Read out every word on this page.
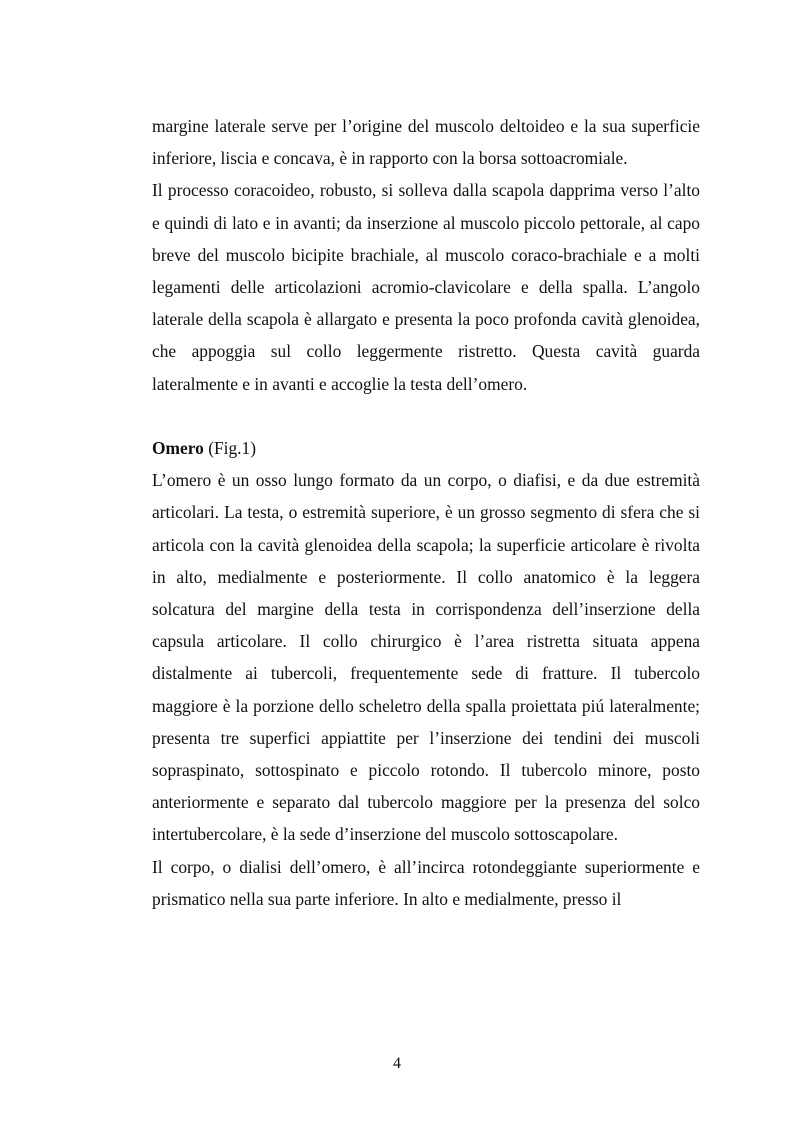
margine laterale serve per l’origine del muscolo deltoideo e la sua superficie inferiore, liscia e concava, è in rapporto con la borsa sottoacromiale.

Il processo coracoideo, robusto, si solleva dalla scapola dapprima verso l’alto e quindi di lato e in avanti; da inserzione al muscolo piccolo pettorale, al capo breve del muscolo bicipite brachiale, al muscolo coraco-brachiale e a molti legamenti delle articolazioni acromio-clavicolare e della spalla. L’angolo laterale della scapola è allargato e presenta la poco profonda cavità glenoidea, che appoggia sul collo leggermente ristretto. Questa cavità guarda lateralmente e in avanti e accoglie la testa dell’omero.

Omero (Fig.1)

L’omero è un osso lungo formato da un corpo, o diafisi, e da due estremità articolari. La testa, o estremità superiore, è un grosso segmento di sfera che si articola con la cavità glenoidea della scapola; la superficie articolare è rivolta in alto, medialmente e posteriormente. Il collo anatomico è la leggera solcatura del margine della testa in corrispondenza dell’inserzione della capsula articolare. Il collo chirurgico è l’area ristretta situata appena distalmente ai tubercoli, frequentemente sede di fratture. Il tubercolo maggiore è la porzione dello scheletro della spalla proiettata piú lateralmente; presenta tre superfici appiattite per l’inserzione dei tendini dei muscoli sopraspinato, sottospinato e piccolo rotondo. Il tubercolo minore, posto anteriormente e separato dal tubercolo maggiore per la presenza del solco intertubercolare, è la sede d’inserzione del muscolo sottoscapolare.

Il corpo, o dialisi dell’omero, è all’incirca rotondeggiante superiormente e prismatico nella sua parte inferiore. In alto e medialmente, presso il

4
